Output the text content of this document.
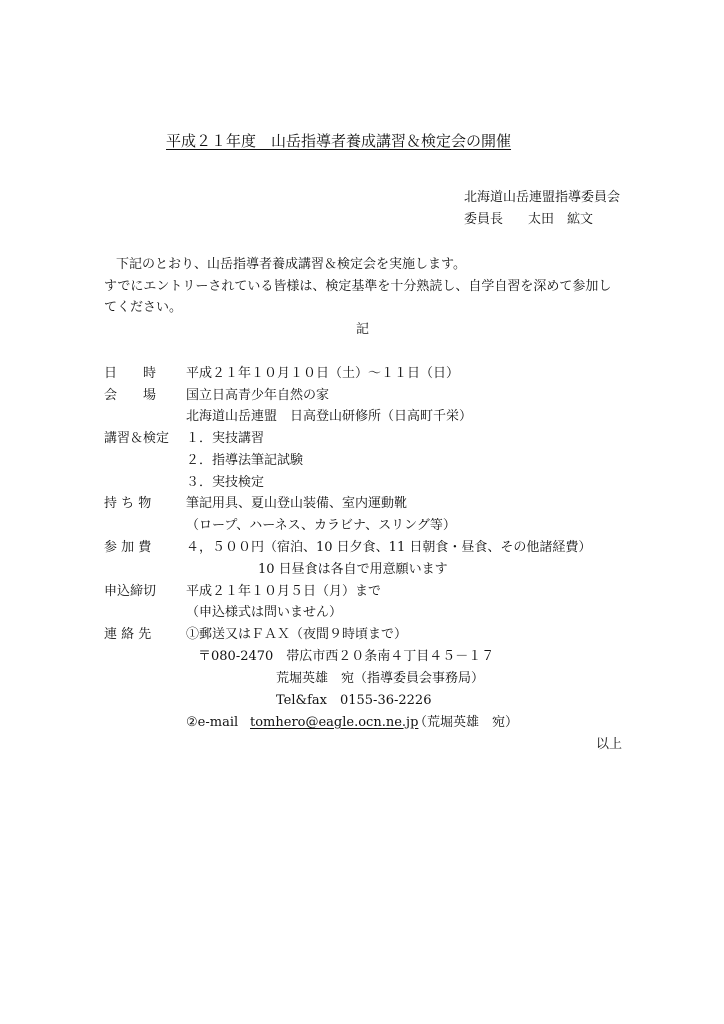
平成２１年度　山岳指導者養成講習＆検定会の開催
北海道山岳連盟指導委員会
委員長 太田　絋文
下記のとおり、山岳指導者養成講習＆検定会を実施します。
すでにエントリーされている皆様は、検定基準を十分熟読し、自学自習を深めて参加し
てください。
記
日　　時 平成２１年１０月１０日（土）～１１日（日）
会　　場 国立日高青少年自然の家
北海道山岳連盟　日高登山研修所（日高町千栄）
講習＆検定 １．実技講習
２．指導法筆記試験
３．実技検定
持 ち 物	筆記用具、夏山登山装備、室内運動靴
（ロープ、ハーネス、カラビナ、スリング等）
参 加 費	４，５００円（宿泊、10 日夕食、11 日朝食・昼食、その他諸経費）
10 日昼食は各自で用意願います
申込締切 平成２１年１０月５日（月）まで
（申込様式は問いません）
連 絡 先	①郵送又はＦＡＸ（夜間９時頃まで）
〒080-2470　帯広市西２０条南４丁目４５－１７
荒堀英雄　宛（指導委員会事務局）
Tel&fax　0155-36-2226
②e-mail tomhero@eagle.ocn.ne.jp
（荒堀英雄　宛）
以上
